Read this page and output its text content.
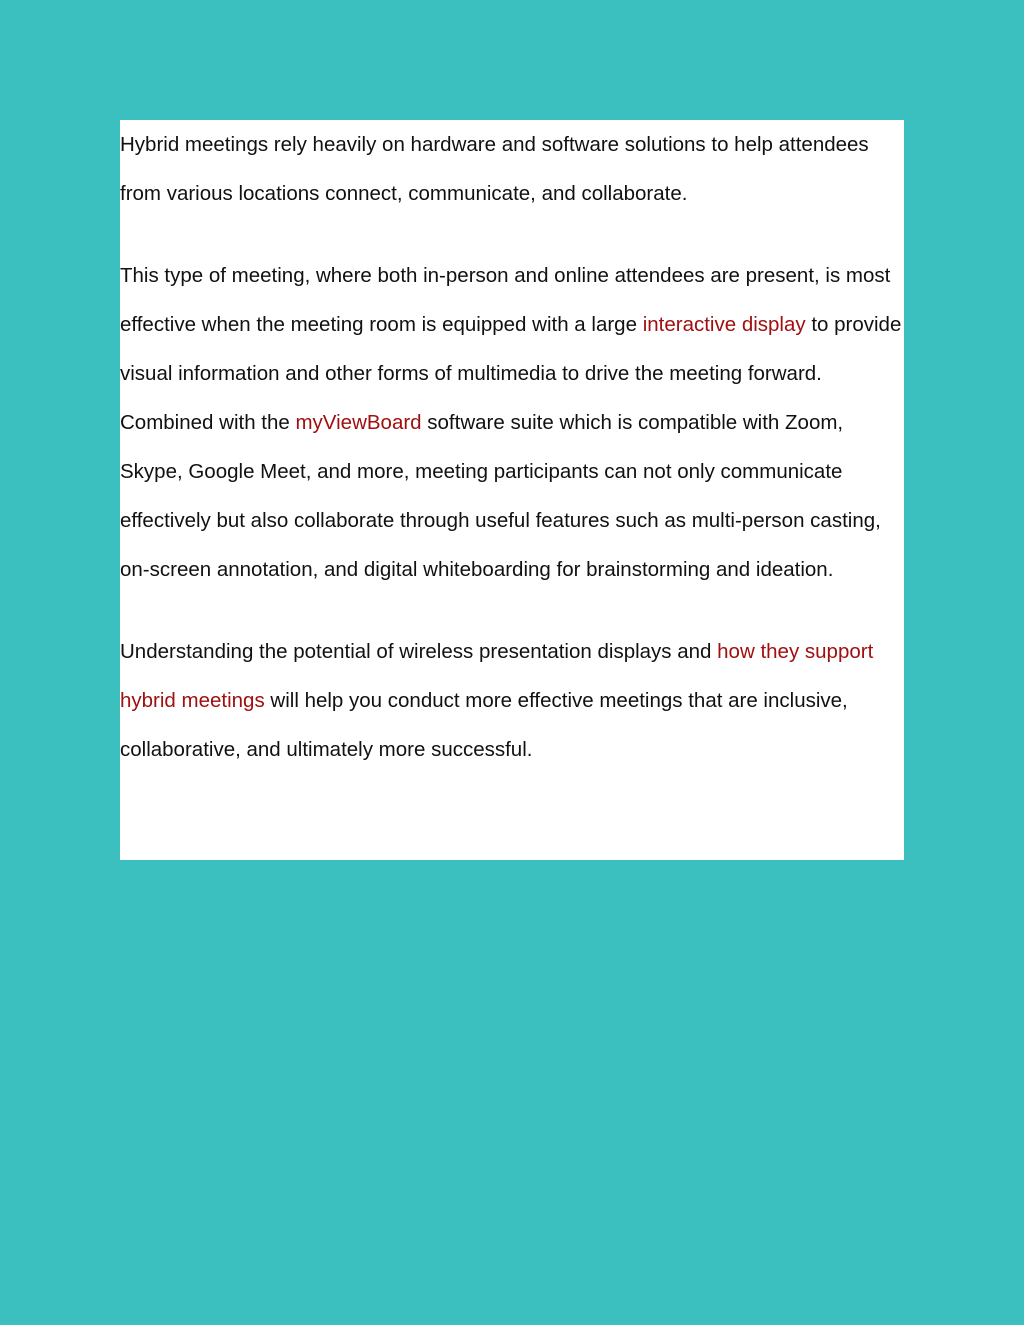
Hybrid meetings rely heavily on hardware and software solutions to help attendees from various locations connect, communicate, and collaborate.

This type of meeting, where both in-person and online attendees are present, is most effective when the meeting room is equipped with a large interactive display to provide visual information and other forms of multimedia to drive the meeting forward. Combined with the myViewBoard software suite which is compatible with Zoom, Skype, Google Meet, and more, meeting participants can not only communicate effectively but also collaborate through useful features such as multi-person casting, on-screen annotation, and digital whiteboarding for brainstorming and ideation.

Understanding the potential of wireless presentation displays and how they support hybrid meetings will help you conduct more effective meetings that are inclusive, collaborative, and ultimately more successful.
